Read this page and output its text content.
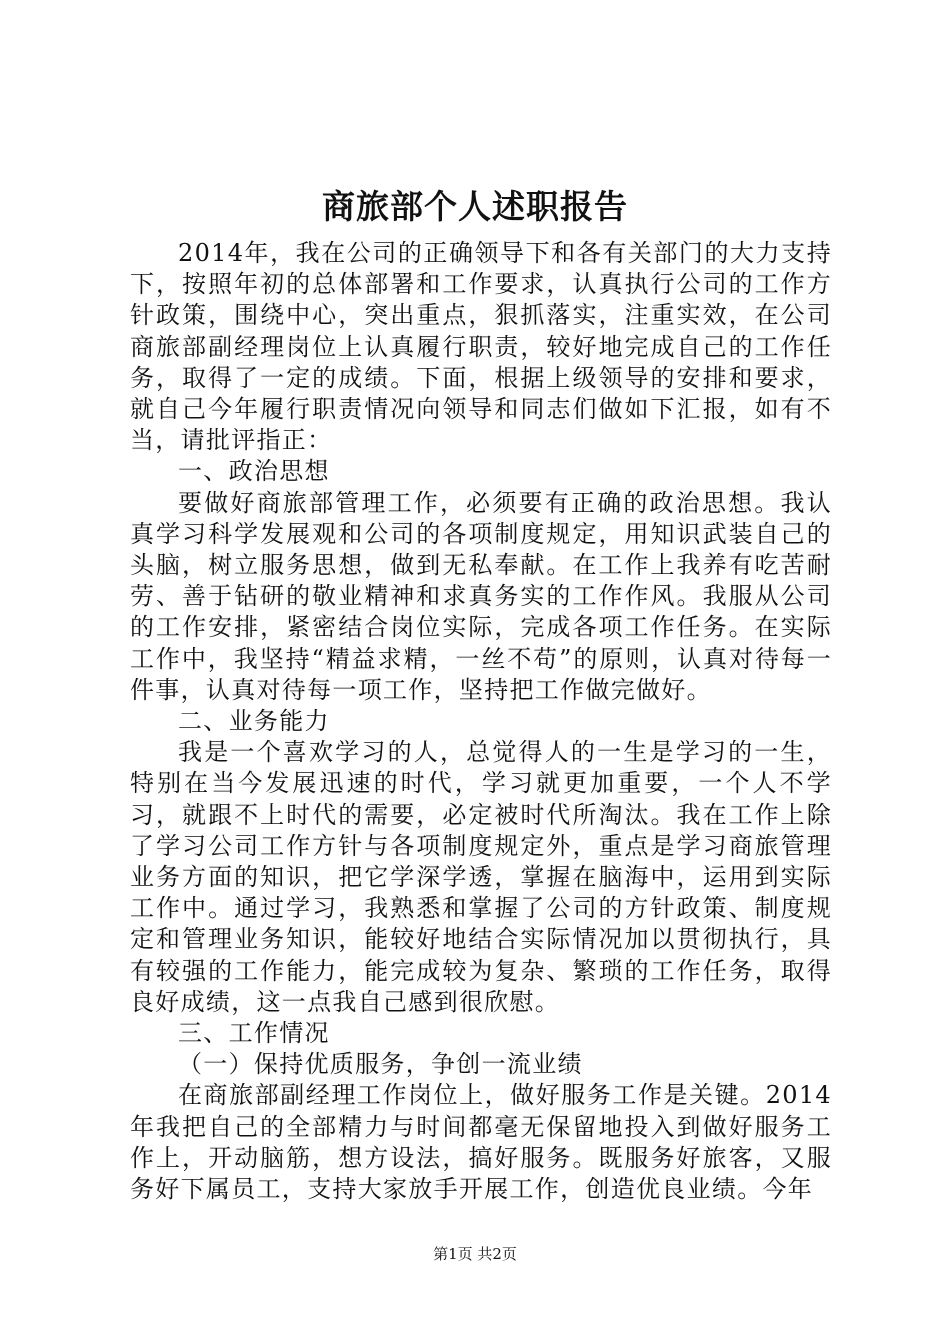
商旅部个人述职报告

2014年，我在公司的正确领导下和各有关部门的大力支持下，按照年初的总体部署和工作要求，认真执行公司的工作方针政策，围绕中心，突出重点，狠抓落实，注重实效，在公司商旅部副经理岗位上认真履行职责，较好地完成自己的工作任务，取得了一定的成绩。下面，根据上级领导的安排和要求，就自己今年履行职责情况向领导和同志们做如下汇报，如有不当，请批评指正：

一、政治思想

要做好商旅部管理工作，必须要有正确的政治思想。我认真学习科学发展观和公司的各项制度规定，用知识武装自己的头脑，树立服务思想，做到无私奉献。在工作上我养有吃苦耐劳、善于钻研的敬业精神和求真务实的工作作风。我服从公司的工作安排，紧密结合岗位实际，完成各项工作任务。在实际工作中，我坚持“精益求精，一丝不苟”的原则，认真对待每一件事，认真对待每一项工作，坚持把工作做完做好。

二、业务能力

我是一个喜欢学习的人，总觉得人的一生是学习的一生，特别在当今发展迅速的时代，学习就更加重要，一个人不学习，就跟不上时代的需要，必定被时代所淘汰。我在工作上除了学习公司工作方针与各项制度规定外，重点是学习商旅管理业务方面的知识，把它学深学透，掌握在脑海中，运用到实际工作中。通过学习，我熟悉和掌握了公司的方针政策、制度规定和管理业务知识，能较好地结合实际情况加以贯彻执行，具有较强的工作能力，能完成较为复杂、繁琐的工作任务，取得良好成绩，这一点我自己感到很欣慰。

三、工作情况

（一）保持优质服务，争创一流业绩

在商旅部副经理工作岗位上，做好服务工作是关键。2014年我把自己的全部精力与时间都毫无保留地投入到做好服务工作上，开动脑筋，想方设法，搞好服务。既服务好旅客，又服务好下属员工，支持大家放手开展工作，创造优良业绩。今年

第1页 共2页
